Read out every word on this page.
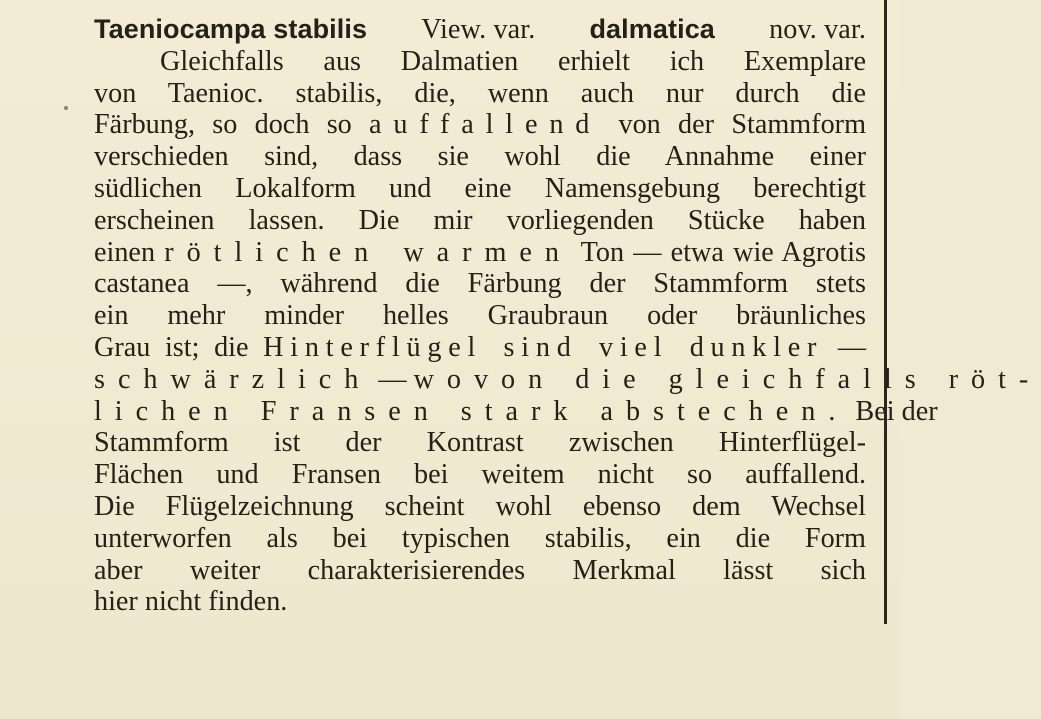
Taeniocampa stabilis View. var. dalmatica nov. var.
Gleichfalls aus Dalmatien erhielt ich Exemplare
von Taenioc. stabilis, die, wenn auch nur durch die
Färbung, so doch so auffallend von der Stammform
verschieden sind, dass sie wohl die Annahme einer
südlichen Lokalform und eine Namensgebung berechtigt
erscheinen lassen. Die mir vorliegenden Stücke haben
einen rötlichen warmen Ton — etwa wie Agrotis
castanea —, während die Färbung der Stammform stets
ein mehr minder helles Graubraun oder bräunliches
Grau ist; die Hinterflügel sind viel dunkler —
schwärzlich — wovon die gleichfalls röt-
lichen Fransen stark abstechen. Bei der
Stammform ist der Kontrast zwischen Hinterflügel-
Flächen und Fransen bei weitem nicht so auffallend.
Die Flügelzeichnung scheint wohl ebenso dem Wechsel
unterworfen als bei typischen stabilis, ein die Form
aber weiter charakterisierendes Merkmal lässt sich
hier nicht finden.
